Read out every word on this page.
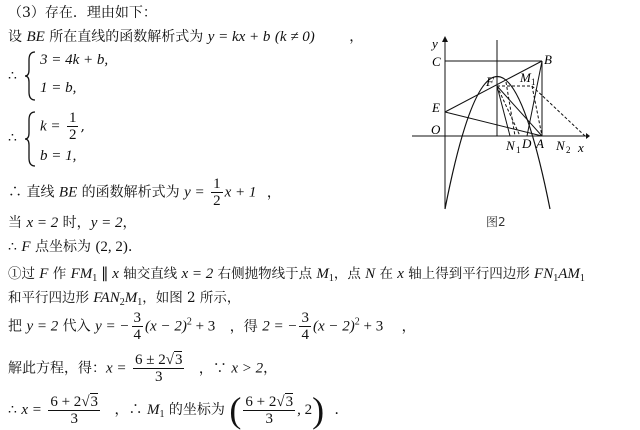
（3）存在．理由如下：
设 BE 所在直线的函数解析式为 y = kx + b (k ≠ 0) ，
∴
3 = 4k + b,
1 = b,
∴
$k = \frac{1}{2}$ ,
b = 1,
∴ 直线 BE 的函数解析式为 $y = \frac{1}{2}$ x + 1 ，
当 x = 2 时，y = 2，
∴ F 点坐标为 (2, 2)．
①过 F 作 $FM_1$ ∥ x 轴交直线 x = 2 右侧抛物线于点 $M_1$，点 N 在 x 轴上得到平行四边形 $FN_1AM_1$
和平行四边形 $FAN_2M_1$，如图 2 所示，
把 y = 2 代入 y = − $\frac{3}{4} (x - 2)^2 + 3$ ，得 2 = − $\frac{3}{4} (x - 2)^2 + 3$ ，
解此方程，得：$x = \frac{6 \pm 2√3}{3}$ ，∵ x > 2，
∴ $x = \frac{6 + 2√3}{3}$ ，∴ $M_1$ 的坐标为 ( $\frac{6 + 2√3}{3}$ , 2) ．
y
x
C	B
F M 1
E
O
N 1 D A N 2
图2
